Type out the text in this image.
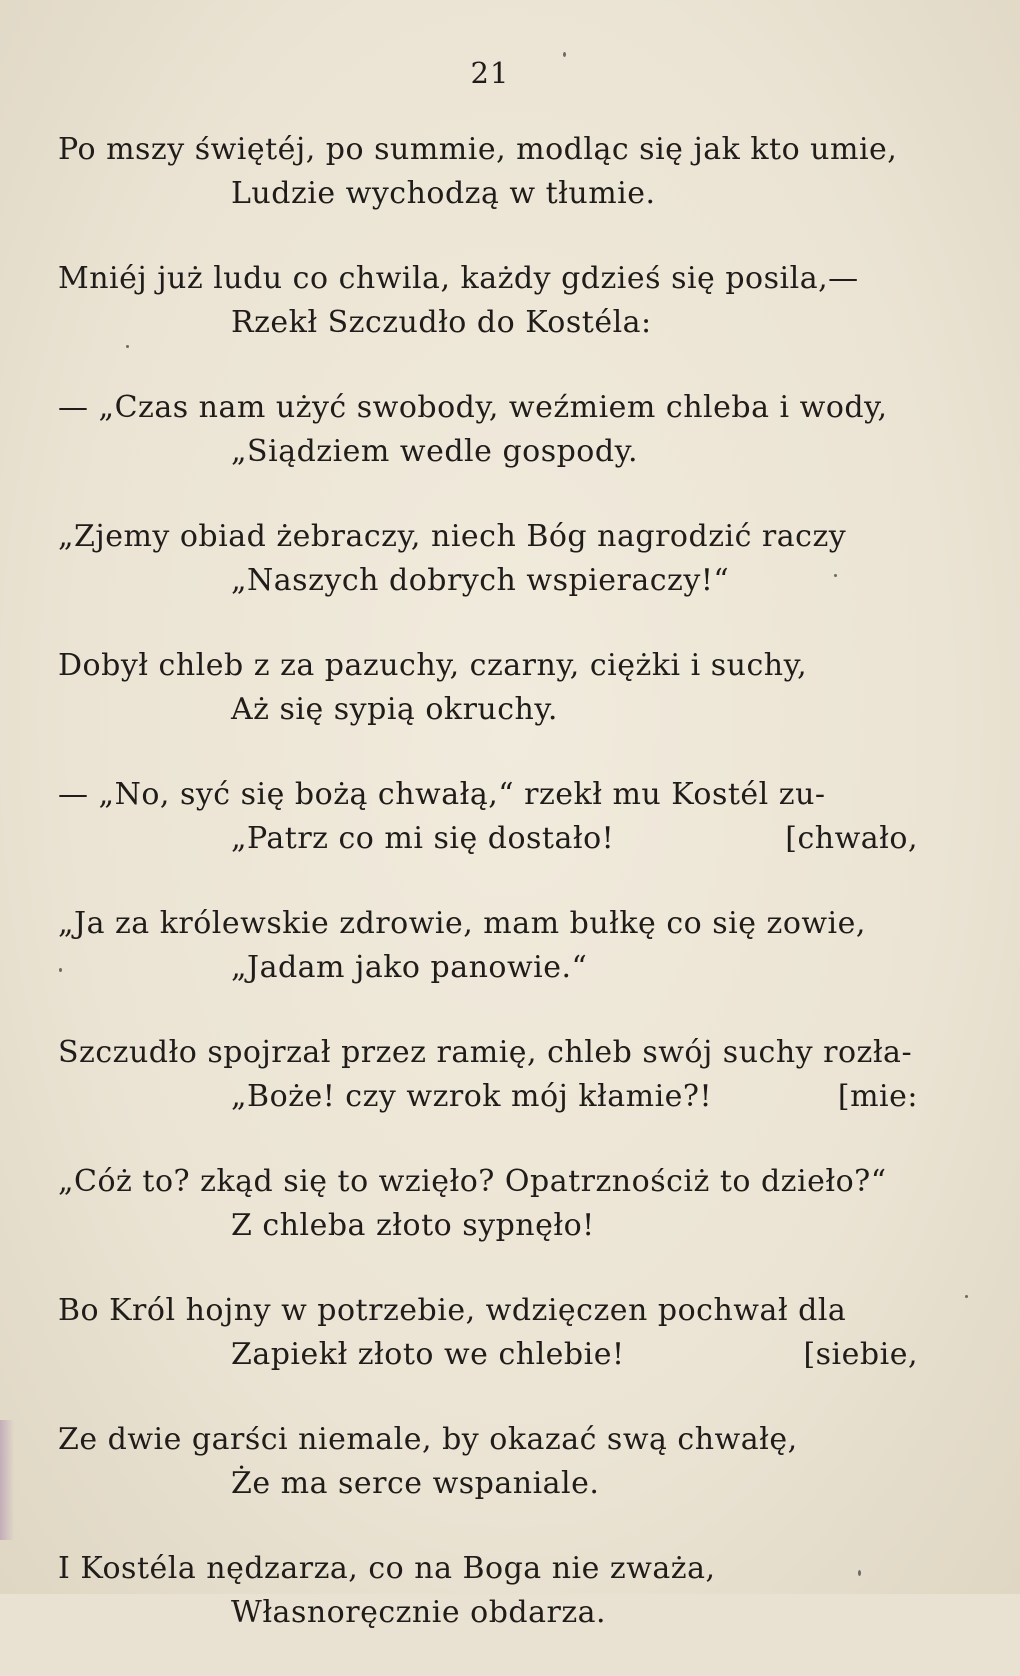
21
Po mszy świętéj, po summie, modląc się jak kto umie,
Ludzie wychodzą w tłumie.
Mniéj już ludu co chwila, każdy gdzieś się posila,—
Rzekł Szczudło do Kostéla:
— „Czas nam użyć swobody, weźmiem chleba i wody,
„Siądziem wedle gospody.
„Zjemy obiad żebraczy, niech Bóg nagrodzić raczy
„Naszych dobrych wspieraczy!“
Dobył chleb z za pazuchy, czarny, ciężki i suchy,
Aż się sypią okruchy.
— „No, syć się bożą chwałą,“ rzekł mu Kostél zu-
„Patrz co mi się dostało!	[chwało,
„Ja za królewskie zdrowie, mam bułkę co się zowie,
„Jadam jako panowie.“
Szczudło spojrzał przez ramię, chleb swój suchy rozła-
„Boże! czy wzrok mój kłamie?!	[mie:
„Cóż to? zkąd się to wzięło? Opatrznościż to dzieło?“
Z chleba złoto sypnęło!
Bo Król hojny w potrzebie, wdzięczen pochwał dla
Zapiekł złoto we chlebie!	[siebie,
Ze dwie garści niemale, by okazać swą chwałę,
Że ma serce wspaniale.
I Kostéla nędzarza, co na Boga nie zważa,
Własnoręcznie obdarza.
